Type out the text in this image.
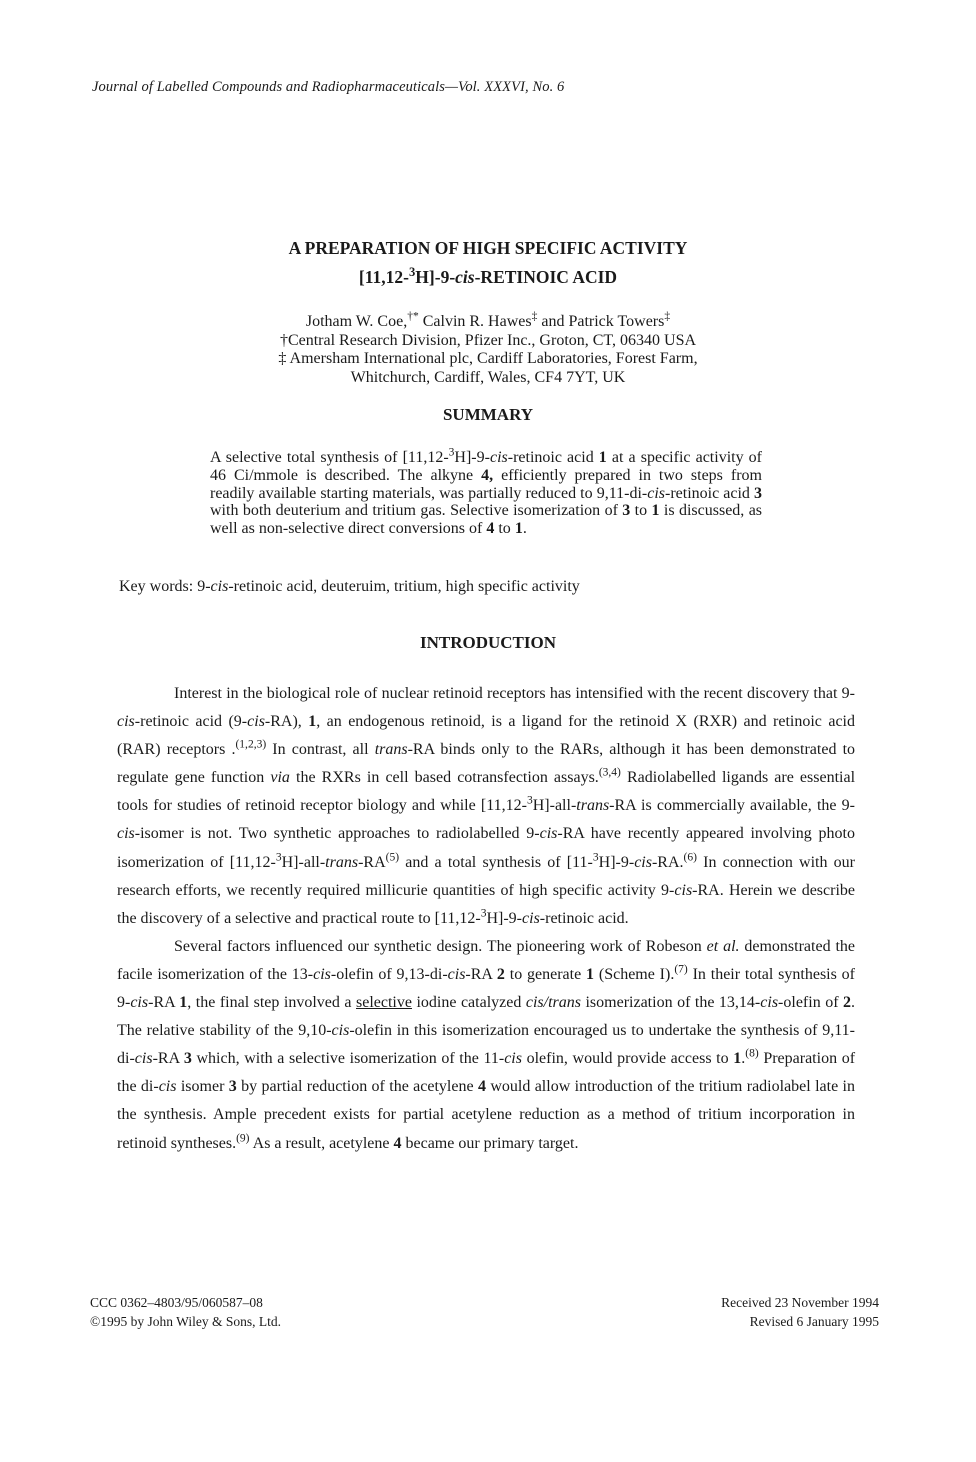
Journal of Labelled Compounds and Radiopharmaceuticals—Vol. XXXVI, No. 6
A PREPARATION OF HIGH SPECIFIC ACTIVITY
[11,12-$^3$H]-9-cis-RETINOIC ACID
Jotham W. Coe,†* Calvin R. Hawes‡ and Patrick Towers‡
†Central Research Division, Pfizer Inc., Groton, CT, 06340 USA
‡ Amersham International plc, Cardiff Laboratories, Forest Farm,
Whitchurch, Cardiff, Wales, CF4 7YT, UK
SUMMARY
A selective total synthesis of [11,12-$^3$H]-9-cis-retinoic acid 1 at a specific activity of 46 Ci/mmole is described. The alkyne 4, efficiently prepared in two steps from readily available starting materials, was partially reduced to 9,11-di-cis-retinoic acid 3 with both deuterium and tritium gas. Selective isomerization of 3 to 1 is discussed, as well as non-selective direct conversions of 4 to 1.
Key words: 9-cis-retinoic acid, deuteruim, tritium, high specific activity
INTRODUCTION

Interest in the biological role of nuclear retinoid receptors has intensified with the recent discovery that 9-cis-retinoic acid (9-cis-RA), 1, an endogenous retinoid, is a ligand for the retinoid X (RXR) and retinoic acid (RAR) receptors .$^{(1,2,3)}$ In contrast, all trans-RA binds only to the RARs, although it has been demonstrated to regulate gene function via the RXRs in cell based cotransfection assays.$^{(3,4)}$ Radiolabelled ligands are essential tools for studies of retinoid receptor biology and while [11,12-$^3$H]-all-trans-RA is commercially available, the 9-cis-isomer is not. Two synthetic approaches to radiolabelled 9-cis-RA have recently appeared involving photo isomerization of [11,12-$^3$H]-all-trans-RA$^{(5)}$ and a total synthesis of [11-$^3$H]-9-cis-RA.$^{(6)}$ In connection with our research efforts, we recently required millicurie quantities of high specific activity 9-cis-RA. Herein we describe the discovery of a selective and practical route to [11,12-$^3$H]-9-cis-retinoic acid.

Several factors influenced our synthetic design. The pioneering work of Robeson et al. demonstrated the facile isomerization of the 13-cis-olefin of 9,13-di-cis-RA 2 to generate 1 (Scheme I).$^{(7)}$ In their total synthesis of 9-cis-RA 1, the final step involved a selective iodine catalyzed cis/trans isomerization of the 13,14-cis-olefin of 2. The relative stability of the 9,10-cis-olefin in this isomerization encouraged us to undertake the synthesis of 9,11-di-cis-RA 3 which, with a selective isomerization of the 11-cis olefin, would provide access to 1.$^{(8)}$ Preparation of the di-cis isomer 3 by partial reduction of the acetylene 4 would allow introduction of the tritium radiolabel late in the synthesis. Ample precedent exists for partial acetylene reduction as a method of tritium incorporation in retinoid syntheses.$^{(9)}$ As a result, acetylene 4 became our primary target.

CCC 0362–4803/95/060587–08
©1995 by John Wiley & Sons, Ltd.
Received 23 November 1994
Revised 6 January 1995
